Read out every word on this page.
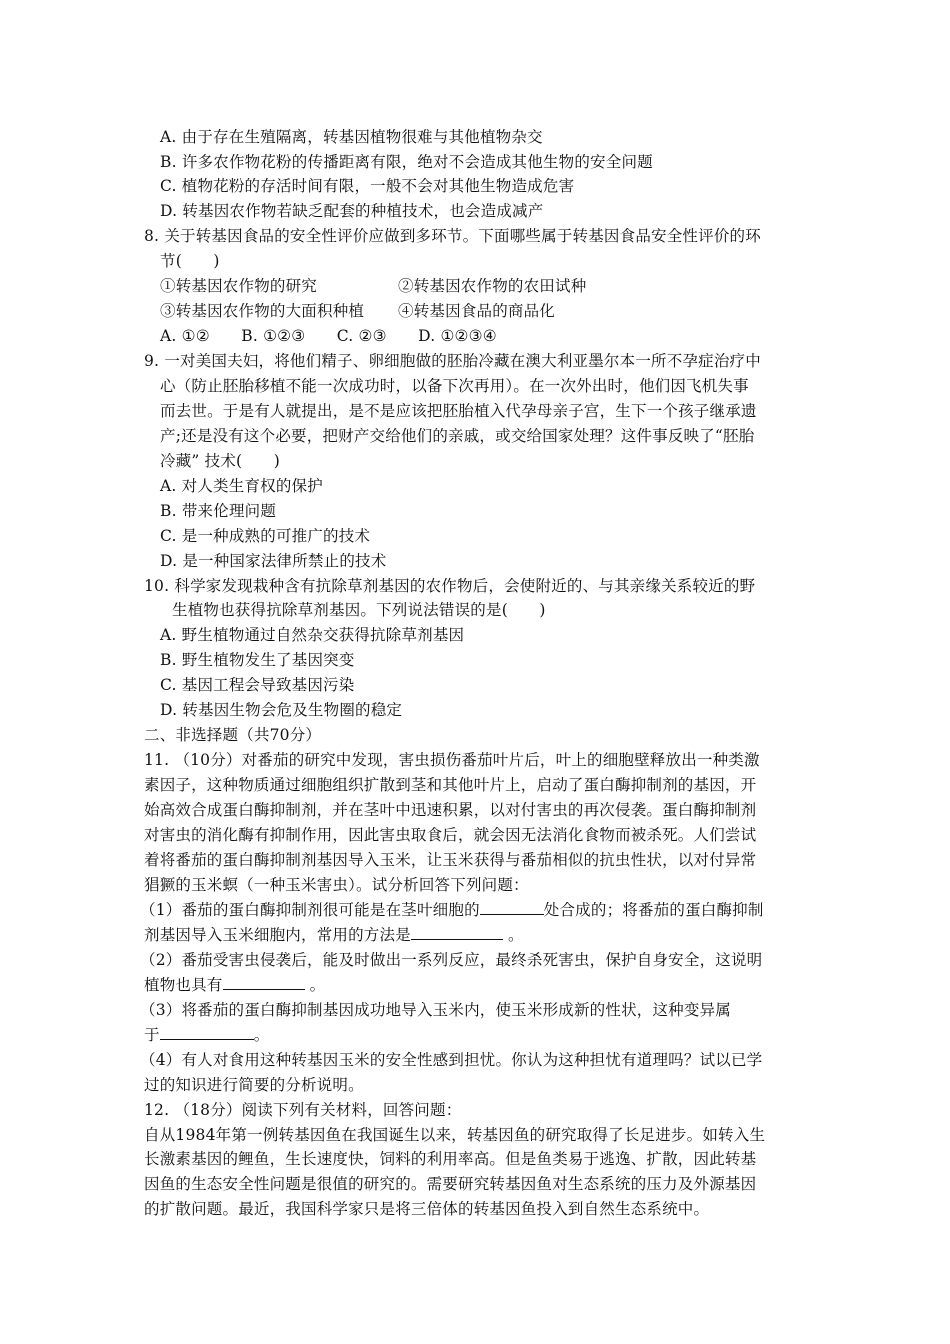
A. 由于存在生殖隔离，转基因植物很难与其他植物杂交
B. 许多农作物花粉的传播距离有限，绝对不会造成其他生物的安全问题
C. 植物花粉的存活时间有限，一般不会对其他生物造成危害
D. 转基因农作物若缺乏配套的种植技术，也会造成减产
8. 关于转基因食品的安全性评价应做到多环节。下面哪些属于转基因食品安全性评价的环
节(　　)
①转基因农作物的研究	②转基因农作物的农田试种
③转基因农作物的大面积种植 ④转基因食品的商品化
A. ①②　　B. ①②③　　C. ②③　　D. ①②③④
9. 一对美国夫妇，将他们精子、卵细胞做的胚胎冷藏在澳大利亚墨尔本一所不孕症治疗中
心（防止胚胎移植不能一次成功时，以备下次再用）。在一次外出时，他们因飞机失事
而去世。于是有人就提出，是不是应该把胚胎植入代孕母亲子宫，生下一个孩子继承遗
产;还是没有这个必要，把财产交给他们的亲戚，或交给国家处理？这件事反映了“胚胎
冷藏” 技术(　　)
A. 对人类生育权的保护
B. 带来伦理问题
C. 是一种成熟的可推广的技术
D. 是一种国家法律所禁止的技术
10. 科学家发现栽种含有抗除草剂基因的农作物后，会使附近的、与其亲缘关系较近的野
生植物也获得抗除草剂基因。下列说法错误的是(　　)
A. 野生植物通过自然杂交获得抗除草剂基因
B. 野生植物发生了基因突变
C. 基因工程会导致基因污染
D. 转基因生物会危及生物圈的稳定
二、非选择题（共70分）
11. （10分）对番茄的研究中发现，害虫损伤番茄叶片后，叶上的细胞壁释放出一种类激
素因子，这种物质通过细胞组织扩散到茎和其他叶片上，启动了蛋白酶抑制剂的基因，开
始高效合成蛋白酶抑制剂，并在茎叶中迅速积累，以对付害虫的再次侵袭。蛋白酶抑制剂
对害虫的消化酶有抑制作用，因此害虫取食后，就会因无法消化食物而被杀死。人们尝试
着将番茄的蛋白酶抑制剂基因导入玉米，让玉米获得与番茄相似的抗虫性状，以对付异常
猖獗的玉米螟（一种玉米害虫）。试分析回答下列问题：
（1）番茄的蛋白酶抑制剂很可能是在茎叶细胞的	处合成的；将番茄的蛋白酶抑制
剂基因导入玉米细胞内，常用的方法是	。
（2）番茄受害虫侵袭后，能及时做出一系列反应，最终杀死害虫，保护自身安全，这说明
植物也具有	。
（3）将番茄的蛋白酶抑制基因成功地导入玉米内，使玉米形成新的性状，这种变异属
于	。
（4）有人对食用这种转基因玉米的安全性感到担忧。你认为这种担忧有道理吗？试以已学
过的知识进行简要的分析说明。
12. （18分）阅读下列有关材料，回答问题：
自从1984年第一例转基因鱼在我国诞生以来，转基因鱼的研究取得了长足进步。如转入生
长激素基因的鲤鱼，生长速度快，饲料的利用率高。但是鱼类易于逃逸、扩散，因此转基
因鱼的生态安全性问题是很值的研究的。需要研究转基因鱼对生态系统的压力及外源基因
的扩散问题。最近，我国科学家只是将三倍体的转基因鱼投入到自然生态系统中。
